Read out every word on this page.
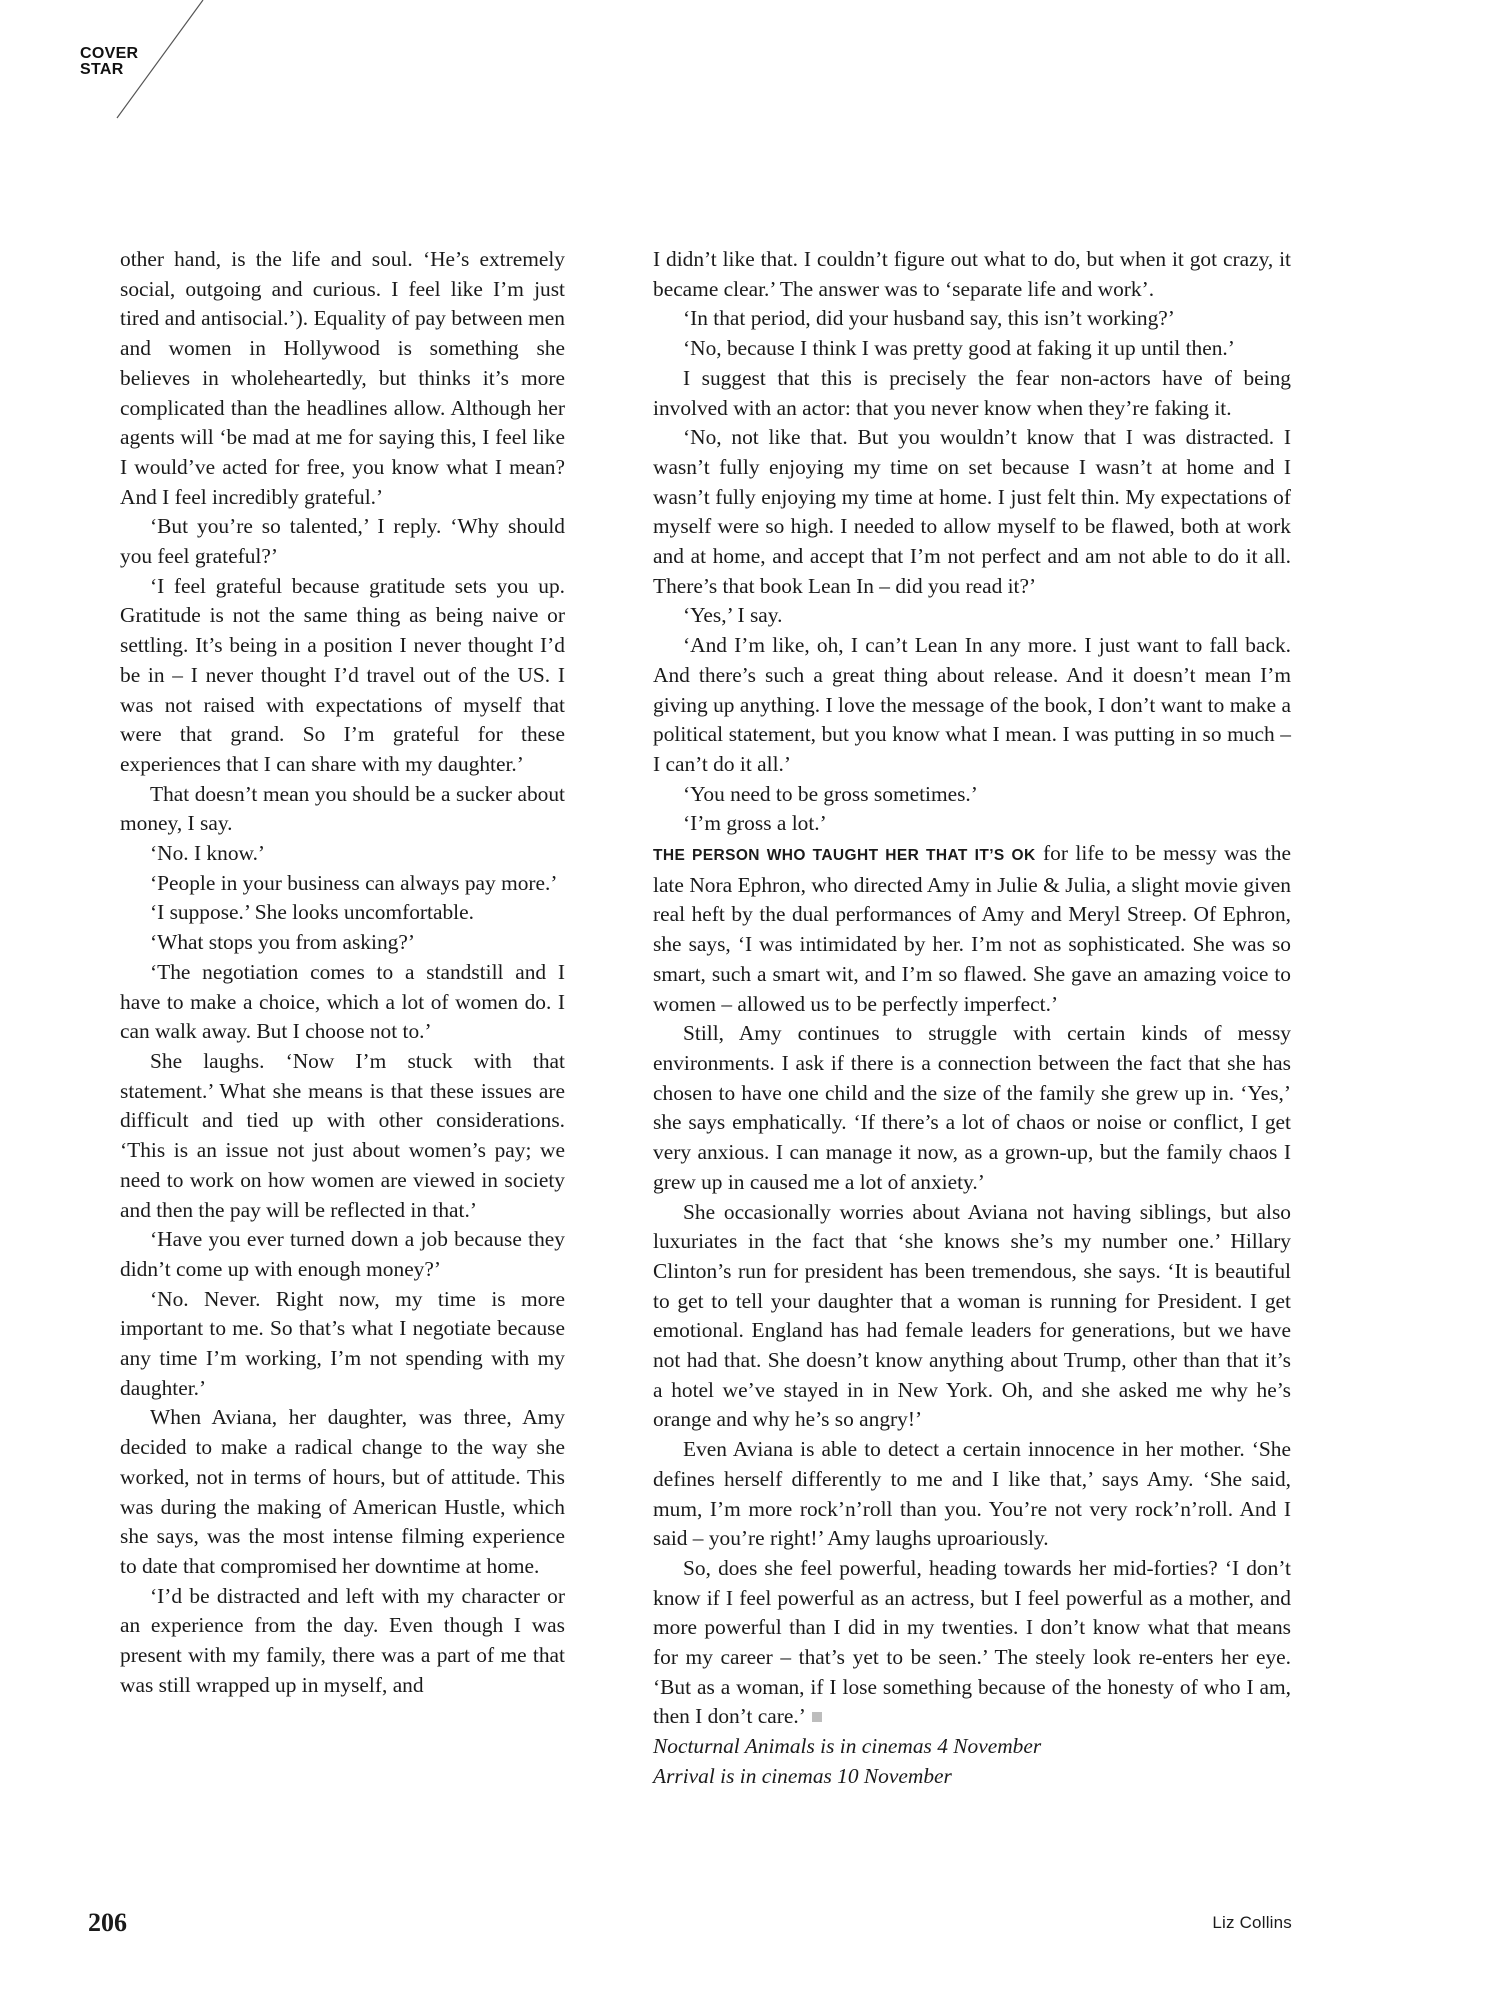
COVER
STAR

other hand, is the life and soul. ‘He’s extremely social, outgoing and curious. I feel like I’m just tired and antisocial.’). Equality of pay between men and women in Hollywood is something she believes in wholeheartedly, but thinks it’s more complicated than the headlines allow. Although her agents will ‘be mad at me for saying this, I feel like I would’ve acted for free, you know what I mean? And I feel incredibly grateful.’

‘But you’re so talented,’ I reply. ‘Why should you feel grateful?’

‘I feel grateful because gratitude sets you up. Gratitude is not the same thing as being naive or settling. It’s being in a position I never thought I’d be in – I never thought I’d travel out of the US. I was not raised with expectations of myself that were that grand. So I’m grateful for these experiences that I can share with my daughter.’

That doesn’t mean you should be a sucker about money, I say.

‘No. I know.’

‘People in your business can always pay more.’

‘I suppose.’ She looks uncomfortable.

‘What stops you from asking?’

‘The negotiation comes to a standstill and I have to make a choice, which a lot of women do. I can walk away. But I choose not to.’

She laughs. ‘Now I’m stuck with that statement.’ What she means is that these issues are difficult and tied up with other considerations. ‘This is an issue not just about women’s pay; we need to work on how women are viewed in society and then the pay will be reflected in that.’

‘Have you ever turned down a job because they didn’t come up with enough money?’

‘No. Never. Right now, my time is more important to me. So that’s what I negotiate because any time I’m working, I’m not spending with my daughter.’

When Aviana, her daughter, was three, Amy decided to make a radical change to the way she worked, not in terms of hours, but of attitude. This was during the making of American Hustle, which she says, was the most intense filming experience to date that compromised her downtime at home.

‘I’d be distracted and left with my character or an experience from the day. Even though I was present with my family, there was a part of me that was still wrapped up in myself, and

I didn’t like that. I couldn’t figure out what to do, but when it got crazy, it became clear.’ The answer was to ‘separate life and work’.

‘In that period, did your husband say, this isn’t working?’

‘No, because I think I was pretty good at faking it up until then.’

I suggest that this is precisely the fear non-actors have of being involved with an actor: that you never know when they’re faking it.

‘No, not like that. But you wouldn’t know that I was distracted. I wasn’t fully enjoying my time on set because I wasn’t at home and I wasn’t fully enjoying my time at home. I just felt thin. My expectations of myself were so high. I needed to allow myself to be flawed, both at work and at home, and accept that I’m not perfect and am not able to do it all. There’s that book Lean In – did you read it?’

‘Yes,’ I say.

‘And I’m like, oh, I can’t Lean In any more. I just want to fall back. And there’s such a great thing about release. And it doesn’t mean I’m giving up anything. I love the message of the book, I don’t want to make a political statement, but you know what I mean. I was putting in so much – I can’t do it all.’

‘You need to be gross sometimes.’

‘I’m gross a lot.’

THE PERSON WHO TAUGHT HER THAT IT’S OK for life to be messy was the late Nora Ephron, who directed Amy in Julie & Julia, a slight movie given real heft by the dual performances of Amy and Meryl Streep. Of Ephron, she says, ‘I was intimidated by her. I’m not as sophisticated. She was so smart, such a smart wit, and I’m so flawed. She gave an amazing voice to women – allowed us to be perfectly imperfect.’

Still, Amy continues to struggle with certain kinds of messy environments. I ask if there is a connection between the fact that she has chosen to have one child and the size of the family she grew up in. ‘Yes,’ she says emphatically. ‘If there’s a lot of chaos or noise or conflict, I get very anxious. I can manage it now, as a grown-up, but the family chaos I grew up in caused me a lot of anxiety.’

She occasionally worries about Aviana not having siblings, but also luxuriates in the fact that ‘she knows she’s my number one.’ Hillary Clinton’s run for president has been tremendous, she says. ‘It is beautiful to get to tell your daughter that a woman is running for President. I get emotional. England has had female leaders for generations, but we have not had that. She doesn’t know anything about Trump, other than that it’s a hotel we’ve stayed in in New York. Oh, and she asked me why he’s orange and why he’s so angry!’

Even Aviana is able to detect a certain innocence in her mother. ‘She defines herself differently to me and I like that,’ says Amy. ‘She said, mum, I’m more rock’n’roll than you. You’re not very rock’n’roll. And I said – you’re right!’ Amy laughs uproariously.

So, does she feel powerful, heading towards her mid-forties? ‘I don’t know if I feel powerful as an actress, but I feel powerful as a mother, and more powerful than I did in my twenties. I don’t know what that means for my career – that’s yet to be seen.’ The steely look re-enters her eye. ‘But as a woman, if I lose something because of the honesty of who I am, then I don’t care.’

Nocturnal Animals is in cinemas 4 November

Arrival is in cinemas 10 November

206	Liz Collins
